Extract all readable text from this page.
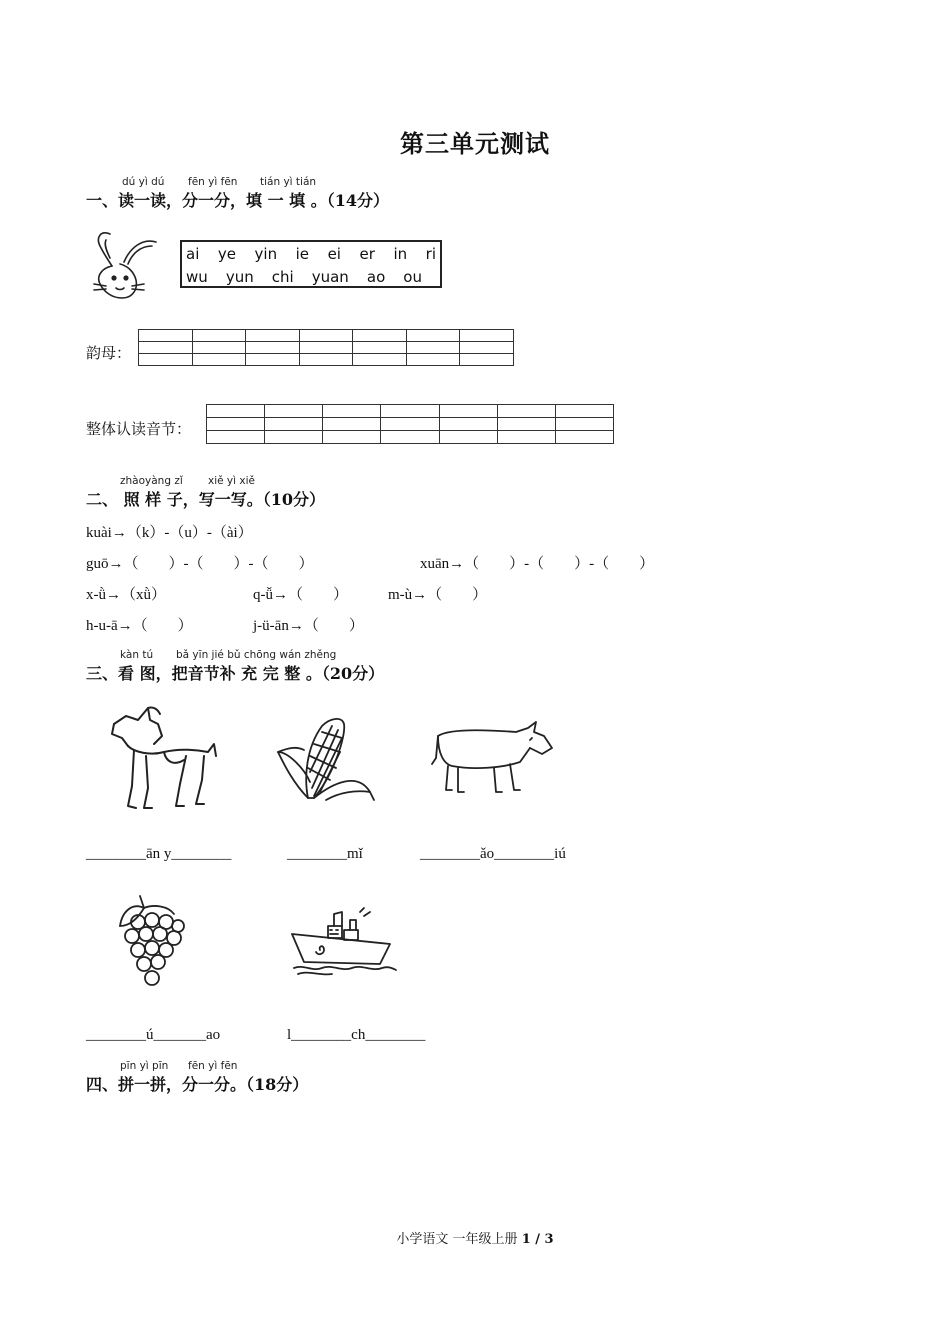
第三单元测试
dú yì dú fēn yì fēn tián yì tián
一、读一读，分一分，填 一 填 。（14分）
ai ye yin ie ei er in ri
wu yun chi yuan ao ou
韵母：

整体认读音节：

zhàoyàng zǐ xiě yì xiě
二、 照 样 子，写一写。（10分）
kuài→（k）-（u）-（ài）
guō→（　　）-（　　）-（　　）	xuān→（　　）-（　　）-（　　）
x-ǜ→（xǜ）	q-ǚ→（　　）	m-ù→（　　）
h-u-ā→（　　）	j-ü-ān→（　　）
kàn tú bǎ yīn jié bǔ chōng wán zhěng
三、看 图，把音节补 充 完 整 。（20分）
________ān y________	________mǐ	________ǎo________iú
________ú_______ao	l________ch________
pīn yì pīn fēn yì fēn
四、拼一拼，分一分。（18分）
小学语文 一年级上册 1 / 3
